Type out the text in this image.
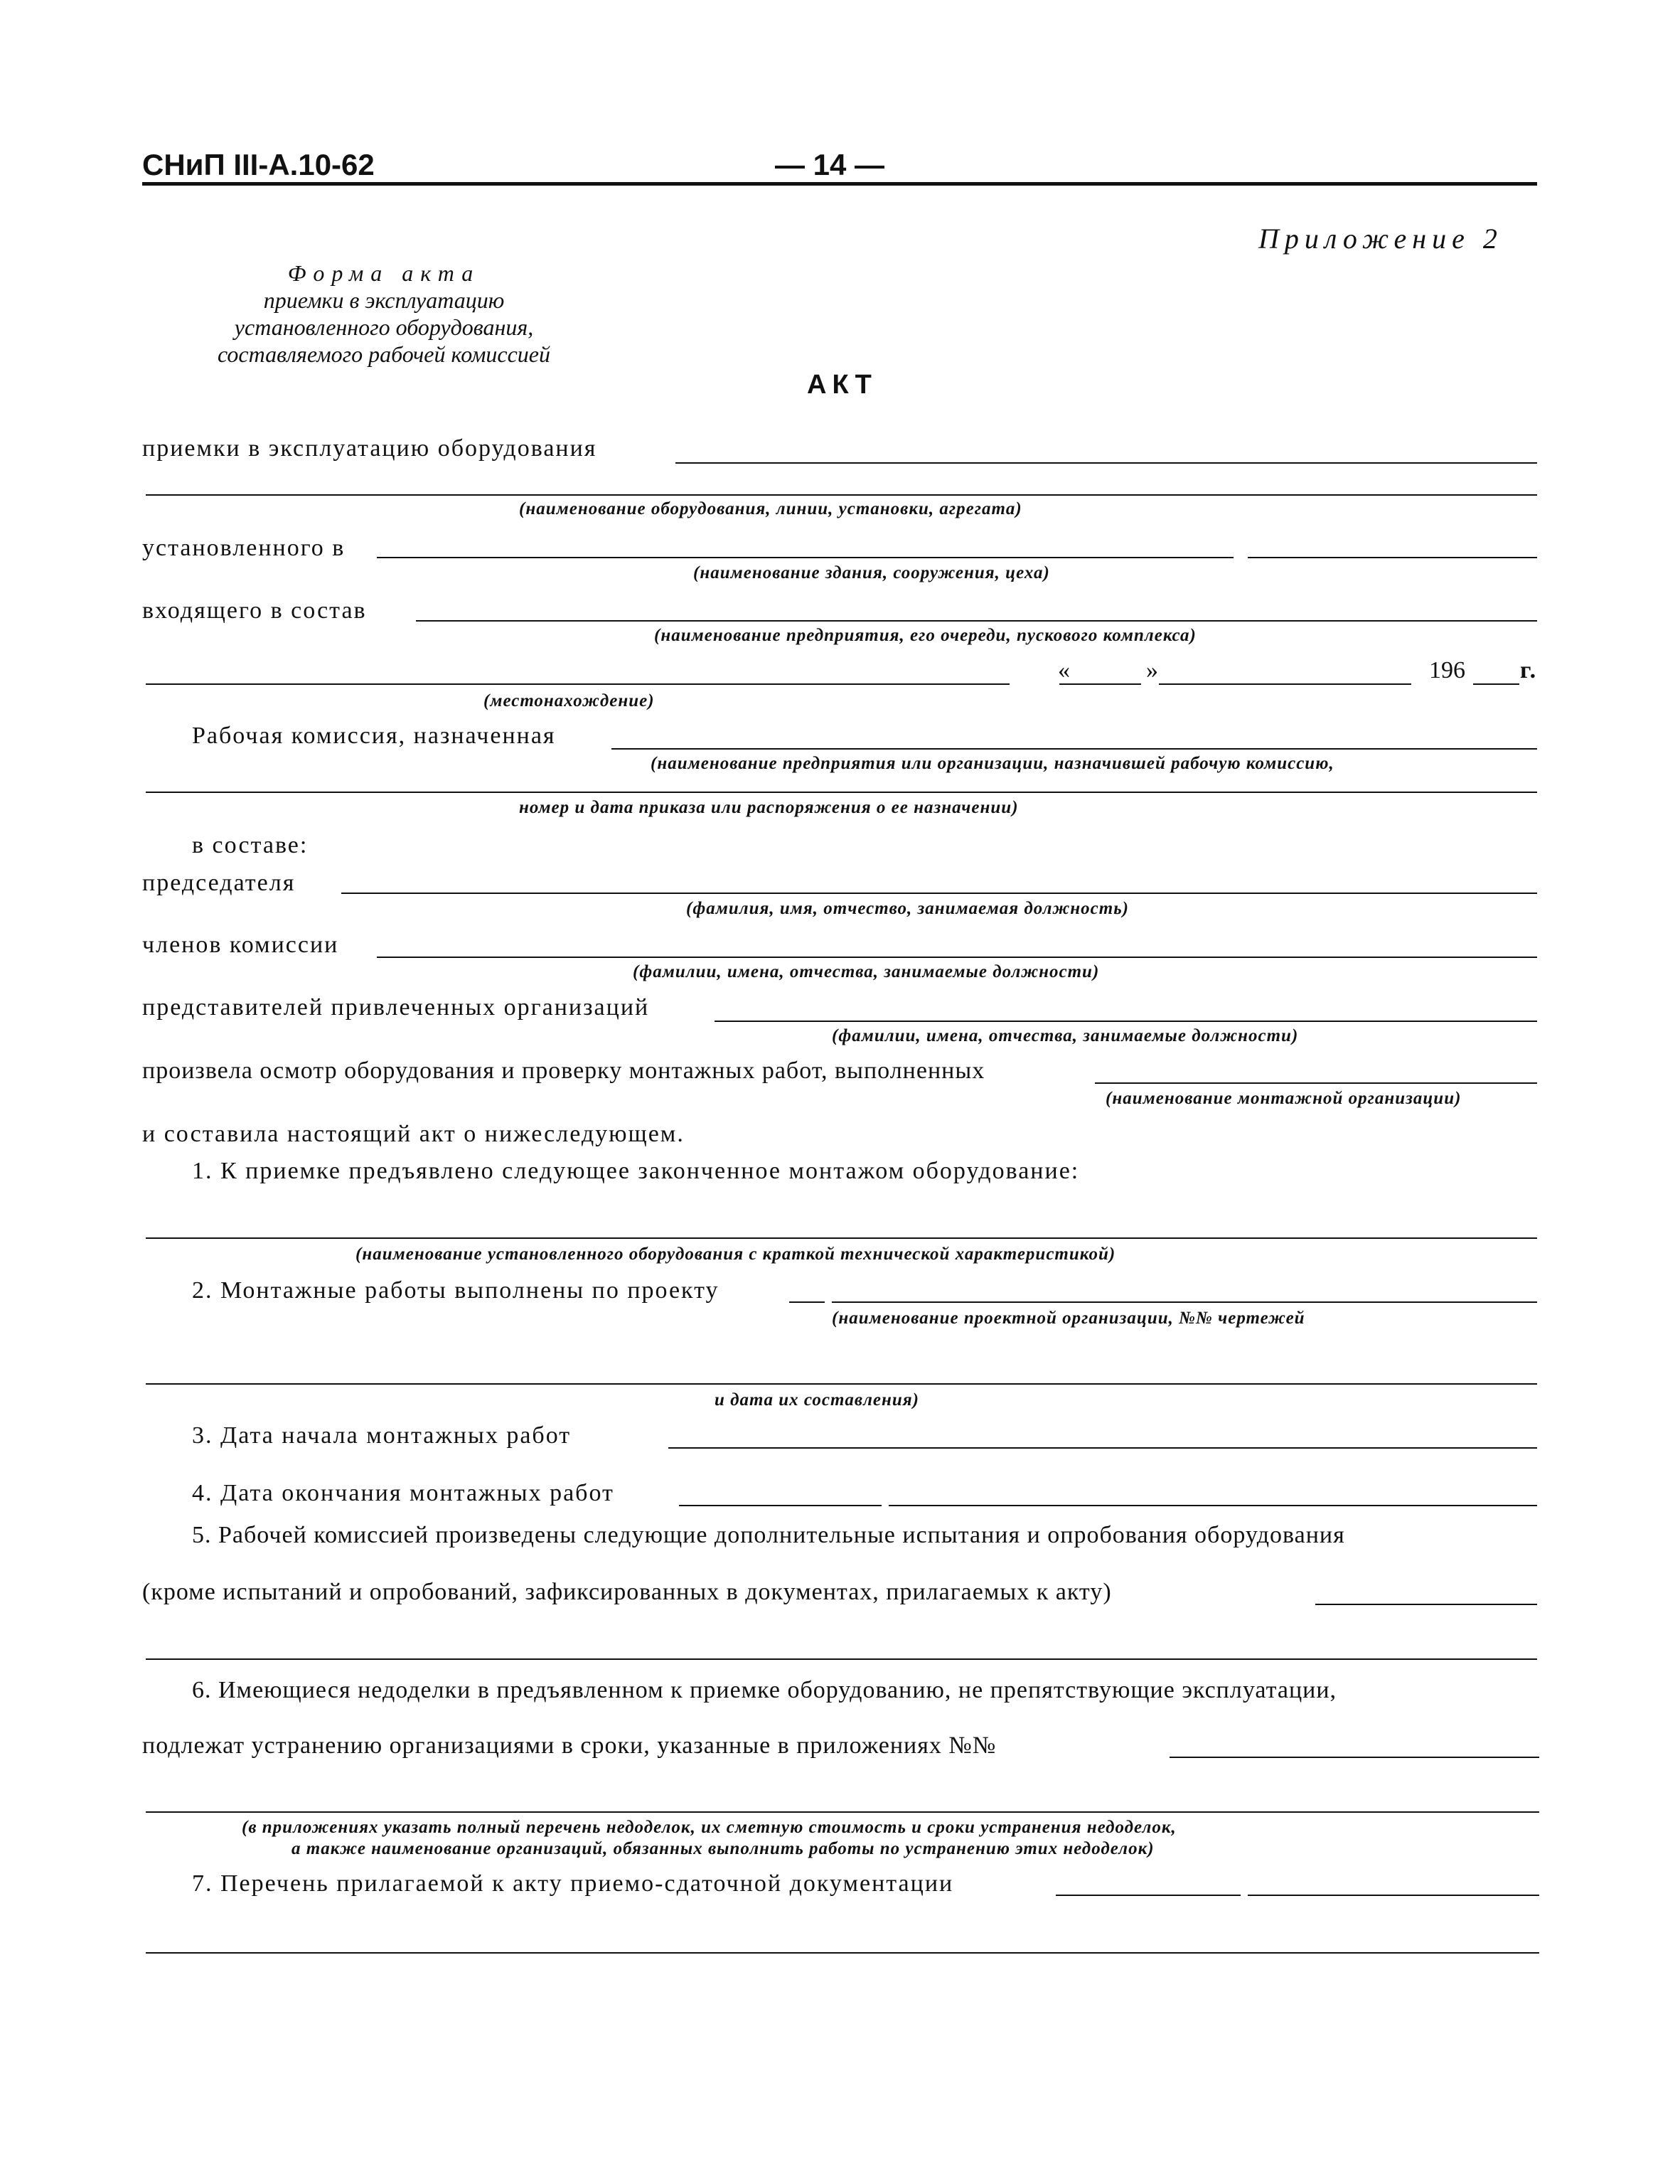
СНиП III-А.10-62	— 14 —
Приложение 2
Форма акта
приемки в эксплуатацию
установленного оборудования,
составляемого рабочей комиссией
АКТ
приемки в эксплуатацию оборудования
(наименование оборудования, линии, установки, агрегата)
установленного в
(наименование здания, сооружения, цеха)
входящего в состав
(наименование предприятия, его очереди, пускового комплекса)
«	»	196 г.
(местонахождение)
Рабочая комиссия, назначенная
(наименование предприятия или организации, назначившей рабочую комиссию,
номер и дата приказа или распоряжения о ее назначении)
в составе:
председателя
(фамилия, имя, отчество, занимаемая должность)
членов комиссии
(фамилии, имена, отчества, занимаемые должности)
представителей привлеченных организаций
(фамилии, имена, отчества, занимаемые должности)
произвела осмотр оборудования и проверку монтажных работ, выполненных
(наименование монтажной организации)
и составила настоящий акт о нижеследующем.
1. К приемке предъявлено следующее законченное монтажом оборудование:
(наименование установленного оборудования с краткой технической характеристикой)
2. Монтажные работы выполнены по проекту
(наименование проектной организации, №№ чертежей
и дата их составления)
3. Дата начала монтажных работ
4. Дата окончания монтажных работ
5. Рабочей комиссией произведены следующие дополнительные испытания и опробования оборудования
(кроме испытаний и опробований, зафиксированных в документах, прилагаемых к акту)
6. Имеющиеся недоделки в предъявленном к приемке оборудованию, не препятствующие эксплуатации,
подлежат устранению организациями в сроки, указанные в приложениях №№
(в приложениях указать полный перечень недоделок, их сметную стоимость и сроки устранения недоделок,
а также наименование организаций, обязанных выполнить работы по устранению этих недоделок)
7. Перечень прилагаемой к акту приемо-сдаточной документации
